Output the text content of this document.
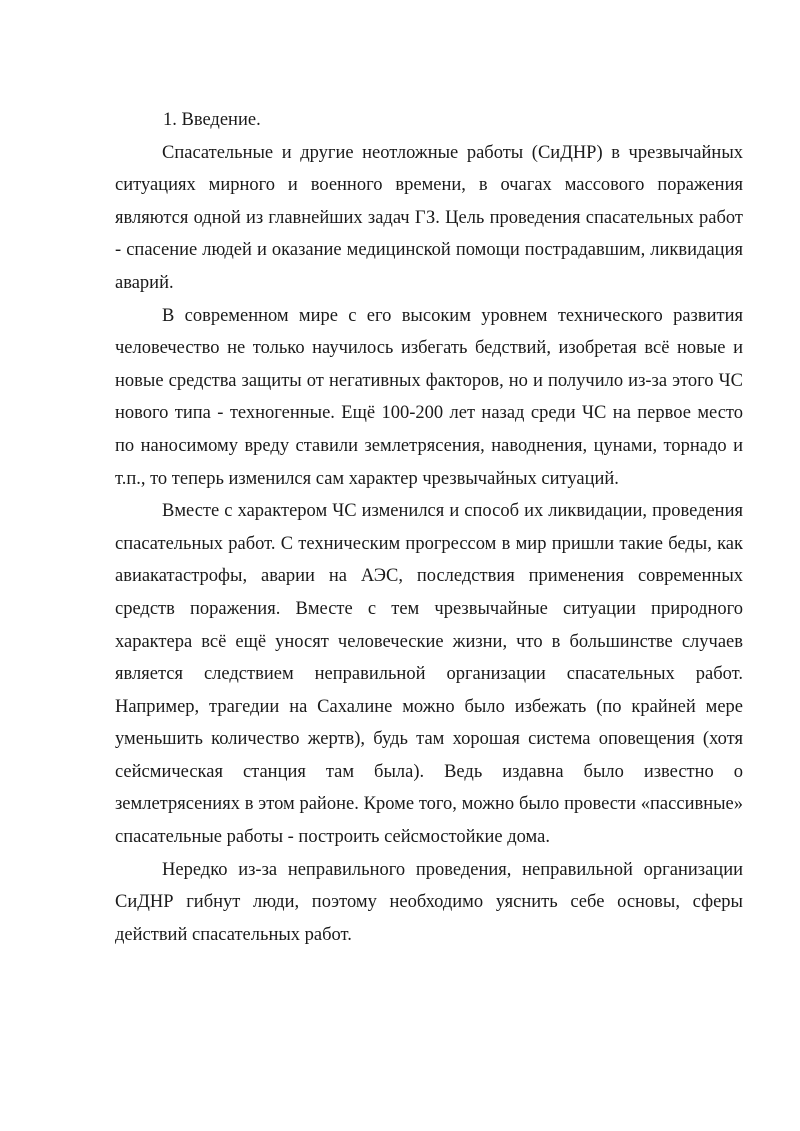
1. Введение.

Спасательные и другие неотложные работы (СиДНР) в чрезвычайных ситуациях мирного и военного времени, в очагах массового поражения являются одной из главнейших задач ГЗ. Цель проведения спасательных работ - спасение людей и оказание медицинской помощи пострадавшим, ликвидация аварий.

В современном мире с его высоким уровнем технического развития человечество не только научилось избегать бедствий, изобретая всё новые и новые средства защиты от негативных факторов, но и получило из-за этого ЧС нового типа - техногенные. Ещё 100-200 лет назад среди ЧС на первое место по наносимому вреду ставили землетрясения, наводнения, цунами, торнадо и т.п., то теперь изменился сам характер чрезвычайных ситуаций.

Вместе с характером ЧС изменился и способ их ликвидации, проведения спасательных работ. С техническим прогрессом в мир пришли такие беды, как авиакатастрофы, аварии на АЭС, последствия применения современных средств поражения. Вместе с тем чрезвычайные ситуации природного характера всё ещё уносят человеческие жизни, что в большинстве случаев является следствием неправильной организации спасательных работ. Например, трагедии на Сахалине можно было избежать (по крайней мере уменьшить количество жертв), будь там хорошая система оповещения (хотя сейсмическая станция там была). Ведь издавна было известно о землетрясениях в этом районе. Кроме того, можно было провести «пассивные» спасательные работы - построить сейсмостойкие дома.

Нередко из-за неправильного проведения, неправильной организации СиДНР гибнут люди, поэтому необходимо уяснить себе основы, сферы действий спасательных работ.
